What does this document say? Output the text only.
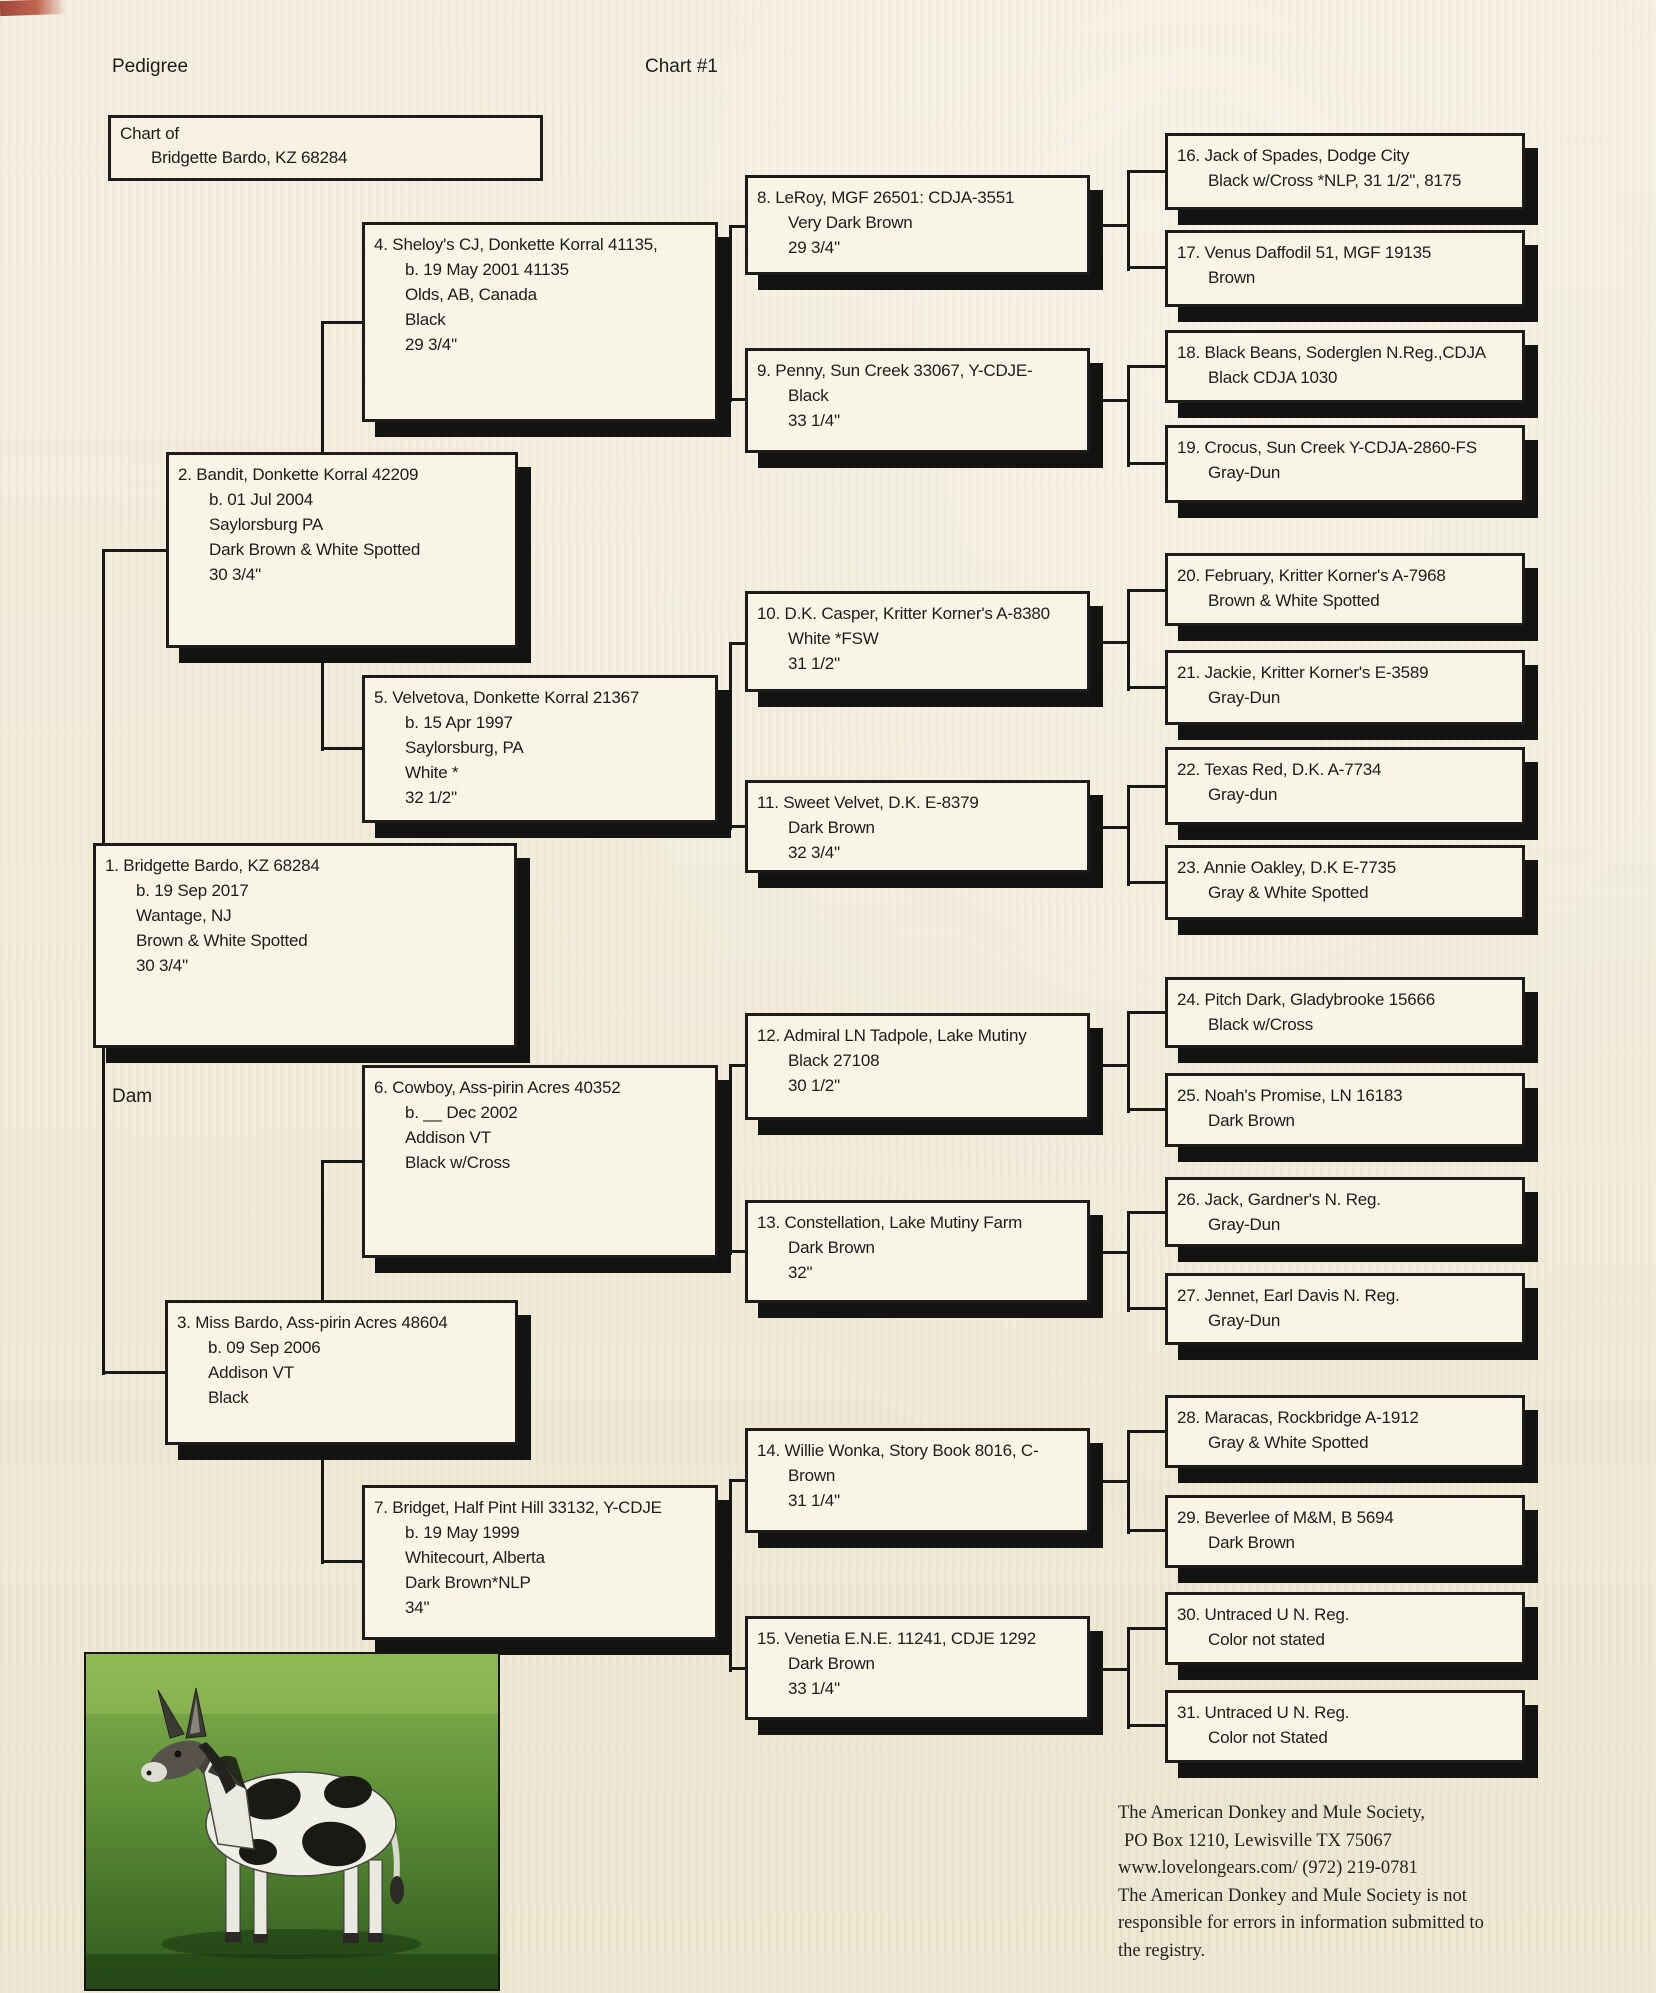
Pedigree	Chart #1
Chart of
Bridgette Bardo, KZ 68284
Dam
1. Bridgette Bardo, KZ 68284
b. 19 Sep 2017
Wantage, NJ
Brown & White Spotted
30 3/4"
2. Bandit, Donkette Korral 42209
b. 01 Jul 2004
Saylorsburg PA
Dark Brown & White Spotted
30 3/4"
3. Miss Bardo, Ass-pirin Acres 48604
b. 09 Sep 2006
Addison VT
Black
4. Sheloy's CJ, Donkette Korral 41135,
b. 19 May 2001 41135
Olds, AB, Canada
Black
29 3/4"
5. Velvetova, Donkette Korral 21367
b. 15 Apr 1997
Saylorsburg, PA
White *
32 1/2"
6. Cowboy, Ass-pirin Acres 40352
b. __ Dec 2002
Addison VT
Black w/Cross
7. Bridget, Half Pint Hill 33132, Y-CDJE
b. 19 May 1999
Whitecourt, Alberta
Dark Brown*NLP
34"
8. LeRoy, MGF 26501: CDJA-3551
Very Dark Brown
29 3/4"
9. Penny, Sun Creek 33067, Y-CDJE-
Black
33 1/4"
10. D.K. Casper, Kritter Korner's A-8380
White *FSW
31 1/2"
11. Sweet Velvet, D.K. E-8379
Dark Brown
32 3/4"
12. Admiral LN Tadpole, Lake Mutiny
Black 27108
30 1/2"
13. Constellation, Lake Mutiny Farm
Dark Brown
32"
14. Willie Wonka, Story Book 8016, C-
Brown
31 1/4"
15. Venetia E.N.E. 11241, CDJE 1292
Dark Brown
33 1/4"
16. Jack of Spades, Dodge City
Black w/Cross *NLP, 31 1/2", 8175
17. Venus Daffodil 51, MGF 19135
Brown
18. Black Beans, Soderglen N.Reg.,CDJA
Black CDJA 1030
19. Crocus, Sun Creek Y-CDJA-2860-FS
Gray-Dun
20. February, Kritter Korner's A-7968
Brown & White Spotted
21. Jackie, Kritter Korner's E-3589
Gray-Dun
22. Texas Red, D.K. A-7734
Gray-dun
23. Annie Oakley, D.K E-7735
Gray & White Spotted
24. Pitch Dark, Gladybrooke 15666
Black w/Cross
25. Noah's Promise, LN 16183
Dark Brown
26. Jack, Gardner's N. Reg.
Gray-Dun
27. Jennet, Earl Davis N. Reg.
Gray-Dun
28. Maracas, Rockbridge A-1912
Gray & White Spotted
29. Beverlee of M&M, B 5694
Dark Brown
30. Untraced U N. Reg.
Color not stated
31. Untraced U N. Reg.
Color not Stated
The American Donkey and Mule Society,
PO Box 1210, Lewisville TX 75067
www.lovelongears.com/ (972) 219-0781
The American Donkey and Mule Society is not
responsible for errors in information submitted to
the registry.
